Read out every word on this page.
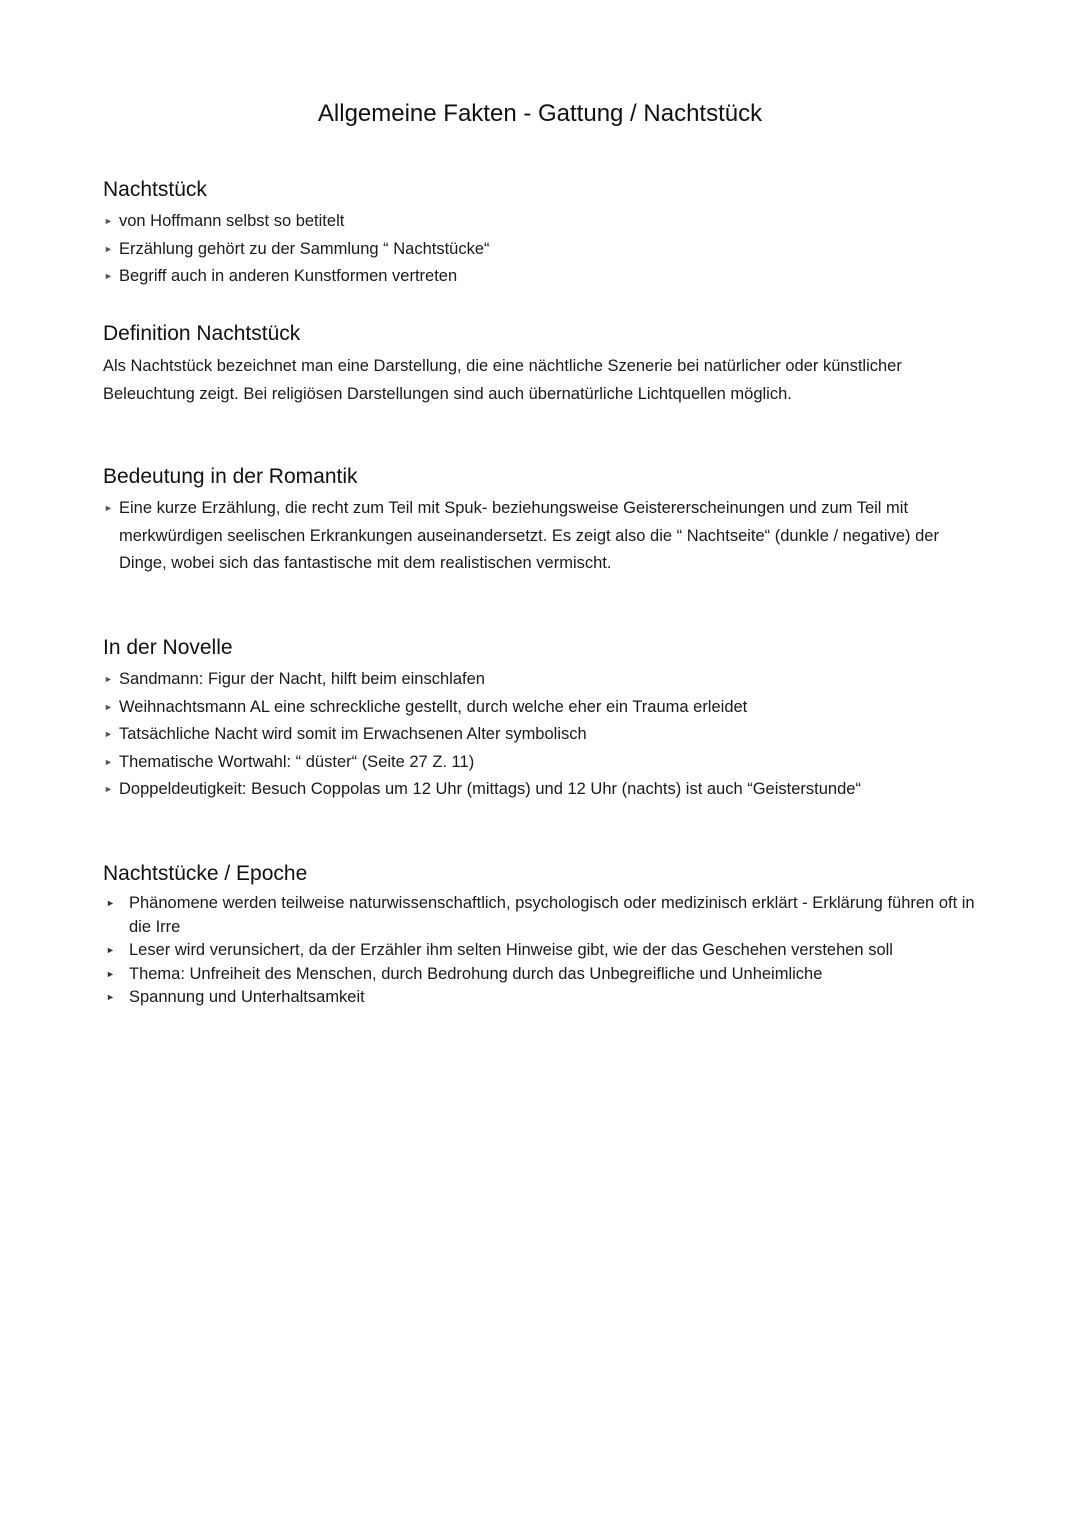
Allgemeine Fakten - Gattung / Nachtstück
Nachtstück
► von Hoffmann selbst so betitelt
► Erzählung gehört zu der Sammlung “ Nachtstücke“
► Begriff auch in anderen Kunstformen vertreten
Definition Nachtstück

Als Nachtstück bezeichnet man eine Darstellung, die eine nächtliche Szenerie bei natürlicher oder künstlicher Beleuchtung zeigt. Bei religiösen Darstellungen sind auch übernatürliche Lichtquellen möglich.

Bedeutung in der Romantik
► Eine kurze Erzählung, die recht zum Teil mit Spuk- beziehungsweise Geistererscheinungen und zum Teil mit merkwürdigen seelischen Erkrankungen auseinandersetzt. Es zeigt also die “ Nachtseite“ (dunkle / negative) der Dinge, wobei sich das fantastische mit dem realistischen vermischt.
In der Novelle
► Sandmann: Figur der Nacht, hilft beim einschlafen
► Weihnachtsmann AL eine schreckliche gestellt, durch welche eher ein Trauma erleidet
► Tatsächliche Nacht wird somit im Erwachsenen Alter symbolisch
► Thematische Wortwahl: “ düster“ (Seite 27 Z. 11)
► Doppeldeutigkeit: Besuch Coppolas um 12 Uhr (mittags) und 12 Uhr (nachts) ist auch “Geisterstunde“
Nachtstücke / Epoche
► Phänomene werden teilweise naturwissenschaftlich, psychologisch oder medizinisch erklärt - Erklärung führen oft in die Irre
► Leser wird verunsichert, da der Erzähler ihm selten Hinweise gibt, wie der das Geschehen verstehen soll
► Thema: Unfreiheit des Menschen, durch Bedrohung durch das Unbegreifliche und Unheimliche
► Spannung und Unterhaltsamkeit
